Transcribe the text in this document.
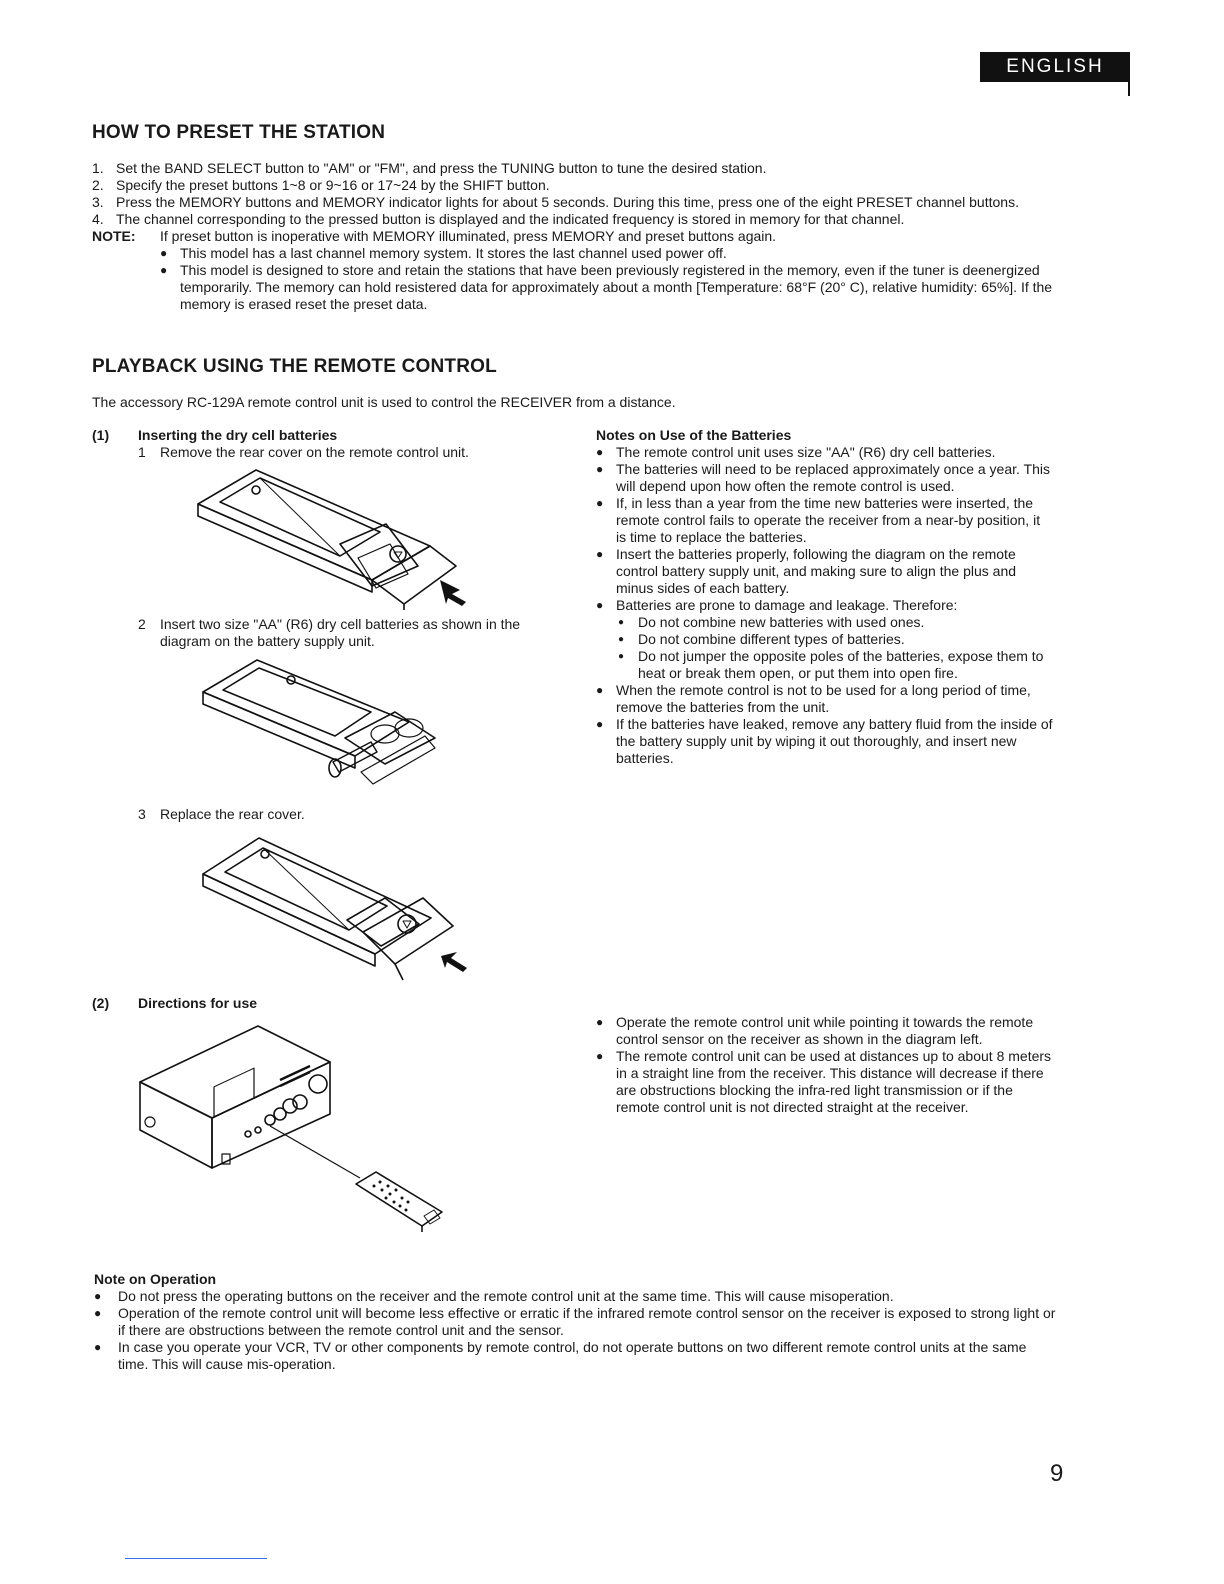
ENGLISH
HOW TO PRESET THE STATION
1. Set the BAND SELECT button to "AM" or "FM", and press the TUNING button to tune the desired station.
2. Specify the preset buttons 1~8 or 9~16 or 17~24 by the SHIFT button.
3. Press the MEMORY buttons and MEMORY indicator lights for about 5 seconds. During this time, press one of the eight PRESET channel buttons.
4. The channel corresponding to the pressed button is displayed and the indicated frequency is stored in memory for that channel.
NOTE:	If preset button is inoperative with MEMORY illuminated, press MEMORY and preset buttons again.
● This model has a last channel memory system. It stores the last channel used power off.
● This model is designed to store and retain the stations that have been previously registered in the memory, even if the tuner is deenergized temporarily. The memory can hold resistered data for approximately about a month [Temperature: 68°F (20° C), relative humidity: 65%]. If the memory is erased reset the preset data.
PLAYBACK USING THE REMOTE CONTROL
The accessory RC-129A remote control unit is used to control the RECEIVER from a distance.
(1)	Inserting the dry cell batteries
1	Remove the rear cover on the remote control unit.
2	Insert two size "AA" (R6) dry cell batteries as shown in the diagram on the battery supply unit.
3	Replace the rear cover.
Notes on Use of the Batteries
● The remote control unit uses size "AA" (R6) dry cell batteries.
● The batteries will need to be replaced approximately once a year. This will depend upon how often the remote control is used.
● If, in less than a year from the time new batteries were inserted, the remote control fails to operate the receiver from a near-by position, it is time to replace the batteries.
● Insert the batteries properly, following the diagram on the remote control battery supply unit, and making sure to align the plus and minus sides of each battery.
● Batteries are prone to damage and leakage. Therefore:
● Do not combine new batteries with used ones.
● Do not combine different types of batteries.
● Do not jumper the opposite poles of the batteries, expose them to heat or break them open, or put them into open fire.
● When the remote control is not to be used for a long period of time, remove the batteries from the unit.
● If the batteries have leaked, remove any battery fluid from the inside of the battery supply unit by wiping it out thoroughly, and insert new batteries.
(2)	Directions for use
● Operate the remote control unit while pointing it towards the remote control sensor on the receiver as shown in the diagram left.
● The remote control unit can be used at distances up to about 8 meters in a straight line from the receiver. This distance will decrease if there are obstructions blocking the infra-red light transmission or if the remote control unit is not directed straight at the receiver.
Note on Operation
●	Do not press the operating buttons on the receiver and the remote control unit at the same time. This will cause misoperation.
●	Operation of the remote control unit will become less effective or erratic if the infrared remote control sensor on the receiver is exposed to strong light or if there are obstructions between the remote control unit and the sensor.
●	In case you operate your VCR, TV or other components by remote control, do not operate buttons on two different remote control units at the same time. This will cause mis-operation.
9
